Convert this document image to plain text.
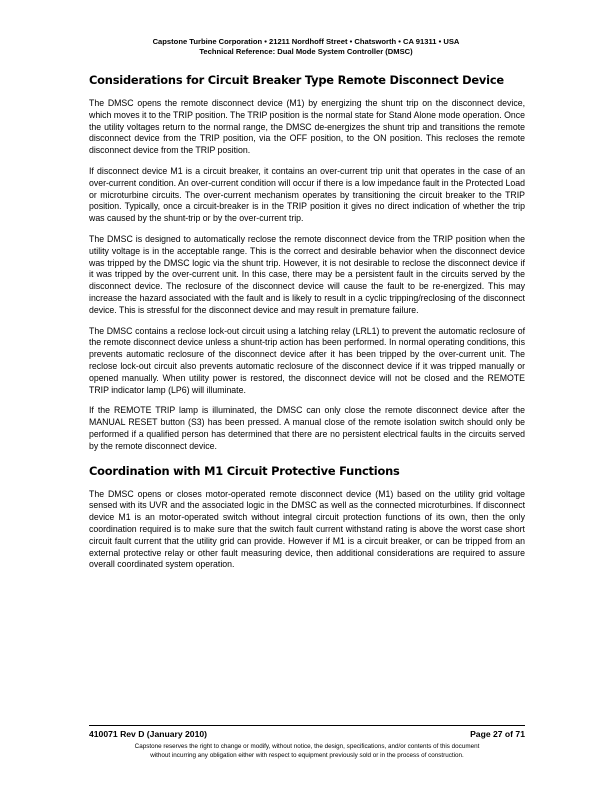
Capstone Turbine Corporation • 21211 Nordhoff Street • Chatsworth • CA 91311 • USA
Technical Reference: Dual Mode System Controller (DMSC)
Considerations for Circuit Breaker Type Remote Disconnect Device

The DMSC opens the remote disconnect device (M1) by energizing the shunt trip on the disconnect device, which moves it to the TRIP position. The TRIP position is the normal state for Stand Alone mode operation. Once the utility voltages return to the normal range, the DMSC de-energizes the shunt trip and transitions the remote disconnect device from the TRIP position, via the OFF position, to the ON position. This recloses the remote disconnect device from the TRIP position.

If disconnect device M1 is a circuit breaker, it contains an over-current trip unit that operates in the case of an over-current condition. An over-current condition will occur if there is a low impedance fault in the Protected Load or microturbine circuits. The over-current mechanism operates by transitioning the circuit breaker to the TRIP position. Typically, once a circuit-breaker is in the TRIP position it gives no direct indication of whether the trip was caused by the shunt-trip or by the over-current trip.

The DMSC is designed to automatically reclose the remote disconnect device from the TRIP position when the utility voltage is in the acceptable range. This is the correct and desirable behavior when the disconnect device was tripped by the DMSC logic via the shunt trip. However, it is not desirable to reclose the disconnect device if it was tripped by the over-current unit. In this case, there may be a persistent fault in the circuits served by the disconnect device. The reclosure of the disconnect device will cause the fault to be re-energized. This may increase the hazard associated with the fault and is likely to result in a cyclic tripping/reclosing of the disconnect device. This is stressful for the disconnect device and may result in premature failure.

The DMSC contains a reclose lock-out circuit using a latching relay (LRL1) to prevent the automatic reclosure of the remote disconnect device unless a shunt-trip action has been performed. In normal operating conditions, this prevents automatic reclosure of the disconnect device after it has been tripped by the over-current unit. The reclose lock-out circuit also prevents automatic reclosure of the disconnect device if it was tripped manually or opened manually. When utility power is restored, the disconnect device will not be closed and the REMOTE TRIP indicator lamp (LP6) will illuminate.

If the REMOTE TRIP lamp is illuminated, the DMSC can only close the remote disconnect device after the MANUAL RESET button (S3) has been pressed. A manual close of the remote isolation switch should only be performed if a qualified person has determined that there are no persistent electrical faults in the circuits served by the remote disconnect device.

Coordination with M1 Circuit Protective Functions

The DMSC opens or closes motor-operated remote disconnect device (M1) based on the utility grid voltage sensed with its UVR and the associated logic in the DMSC as well as the connected microturbines. If disconnect device M1 is an motor-operated switch without integral circuit protection functions of its own, then the only coordination required is to make sure that the switch fault current withstand rating is above the worst case short circuit fault current that the utility grid can provide. However if M1 is a circuit breaker, or can be tripped from an external protective relay or other fault measuring device, then additional considerations are required to assure overall coordinated system operation.

410071 Rev D (January 2010)	Page 27 of 71
Capstone reserves the right to change or modify, without notice, the design, specifications, and/or contents of this document
without incurring any obligation either with respect to equipment previously sold or in the process of construction.
